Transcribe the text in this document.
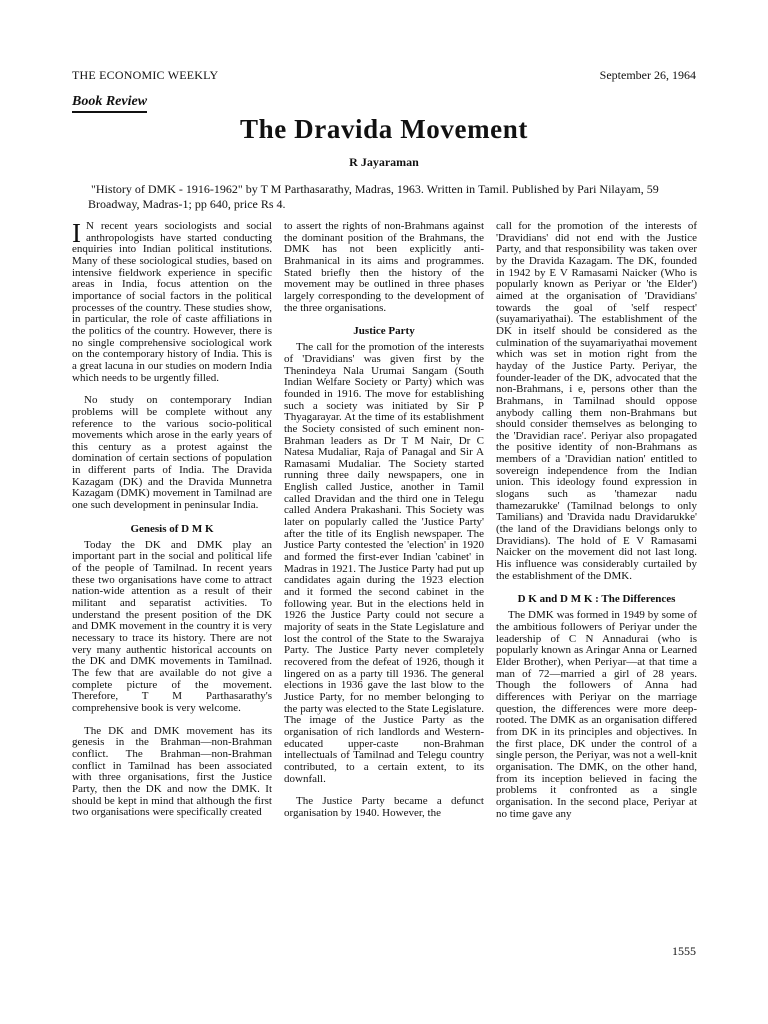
THE ECONOMIC WEEKLY	September 26, 1964
Book Review
The Dravida Movement
R Jayaraman
"History of DMK - 1916-1962" by T M Parthasarathy, Madras, 1963. Written in Tamil. Published by Pari Nilayam, 59 Broadway, Madras-1; pp 640, price Rs 4.

I N recent years sociologists and social anthropologists have started conducting enquiries into Indian political institutions. Many of these sociological studies, based on intensive fieldwork experience in specific areas in India, focus attention on the importance of social factors in the political processes of the country. These studies show, in particular, the role of caste affiliations in the politics of the country. However, there is no single comprehensive sociological work on the contemporary history of India. This is a great lacuna in our studies on modern India which needs to be urgently filled.

No study on contemporary Indian problems will be complete without any reference to the various socio-political movements which arose in the early years of this century as a protest against the domination of certain sections of population in different parts of India. The Dravida Kazagam (DK) and the Dravida Munnetra Kazagam (DMK) movement in Tamilnad are one such development in peninsular India.

Genesis of D M K

Today the DK and DMK play an important part in the social and political life of the people of Tamilnad. In recent years these two organisations have come to attract nation-wide attention as a result of their militant and separatist activities. To understand the present position of the DK and DMK movement in the country it is very necessary to trace its history. There are not very many authentic historical accounts on the DK and DMK movements in Tamilnad. The few that are available do not give a complete picture of the movement. Therefore, T M Parthasarathy's comprehensive book is very welcome.

The DK and DMK movement has its genesis in the Brahman—non-Brahman conflict. The Brahman—non-Brahman conflict in Tamilnad has been associated with three organisations, first the Justice Party, then the DK and now the DMK. It should be kept in mind that although the first two organisations were specifically created

to assert the rights of non-Brahmans against the dominant position of the Brahmans, the DMK has not been explicitly anti-Brahmanical in its aims and programmes. Stated briefly then the history of the movement may be outlined in three phases largely corresponding to the development of the three organisations.

Justice Party

The call for the promotion of the interests of 'Dravidians' was given first by the Thenindeya Nala Urumai Sangam (South Indian Welfare Society or Party) which was founded in 1916. The move for establishing such a society was initiated by Sir P Thyagarayar. At the time of its establishment the Society consisted of such eminent non-Brahman leaders as Dr T M Nair, Dr C Natesa Mudaliar, Raja of Panagal and Sir A Ramasami Mudaliar. The Society started running three daily newspapers, one in English called Justice, another in Tamil called Dravidan and the third one in Telegu called Andera Prakashani. This Society was later on popularly called the 'Justice Party' after the title of its English newspaper. The Justice Party contested the 'election' in 1920 and formed the first-ever Indian 'cabinet' in Madras in 1921. The Justice Party had put up candidates again during the 1923 election and it formed the second cabinet in the following year. But in the elections held in 1926 the Justice Party could not secure a majority of seats in the State Legislature and lost the control of the State to the Swarajya Party. The Justice Party never completely recovered from the defeat of 1926, though it lingered on as a party till 1936. The general elections in 1936 gave the last blow to the Justice Party, for no member belonging to the party was elected to the State Legislature. The image of the Justice Party as the organisation of rich landlords and Western-educated upper-caste non-Brahman intellectuals of Tamilnad and Telegu country contributed, to a certain extent, to its downfall.

The Justice Party became a defunct organisation by 1940. However, the

call for the promotion of the interests of 'Dravidians' did not end with the Justice Party, and that responsibility was taken over by the Dravida Kazagam. The DK, founded in 1942 by E V Ramasami Naicker (Who is popularly known as Periyar or 'the Elder') aimed at the organisation of 'Dravidians' towards the goal of 'self respect' (suyamariyathai). The establishment of the DK in itself should be considered as the culmination of the suyamariyathai movement which was set in motion right from the hayday of the Justice Party. Periyar, the founder-leader of the DK, advocated that the non-Brahmans, i e, persons other than the Brahmans, in Tamilnad should oppose anybody calling them non-Brahmans but should consider themselves as belonging to the 'Dravidian race'. Periyar also propagated the positive identity of non-Brahmans as members of a 'Dravidian nation' entitled to sovereign independence from the Indian union. This ideology found expression in slogans such as 'thamezar nadu thamezarukke' (Tamilnad belongs to only Tamilians) and 'Dravida nadu Dravidarukke' (the land of the Dravidians belongs only to Dravidians). The hold of E V Ramasami Naicker on the movement did not last long. His influence was considerably curtailed by the establishment of the DMK.

D K and D M K : The Differences

The DMK was formed in 1949 by some of the ambitious followers of Periyar under the leadership of C N Annadurai (who is popularly known as Aringar Anna or Learned Elder Brother), when Periyar—at that time a man of 72—married a girl of 28 years. Though the followers of Anna had differences with Periyar on the marriage question, the differences were more deep-rooted. The DMK as an organisation differed from DK in its principles and objectives. In the first place, DK under the control of a single person, the Periyar, was not a well-knit organisation. The DMK, on the other hand, from its inception believed in facing the problems it confronted as a single organisation. In the second place, Periyar at no time gave any

1555
